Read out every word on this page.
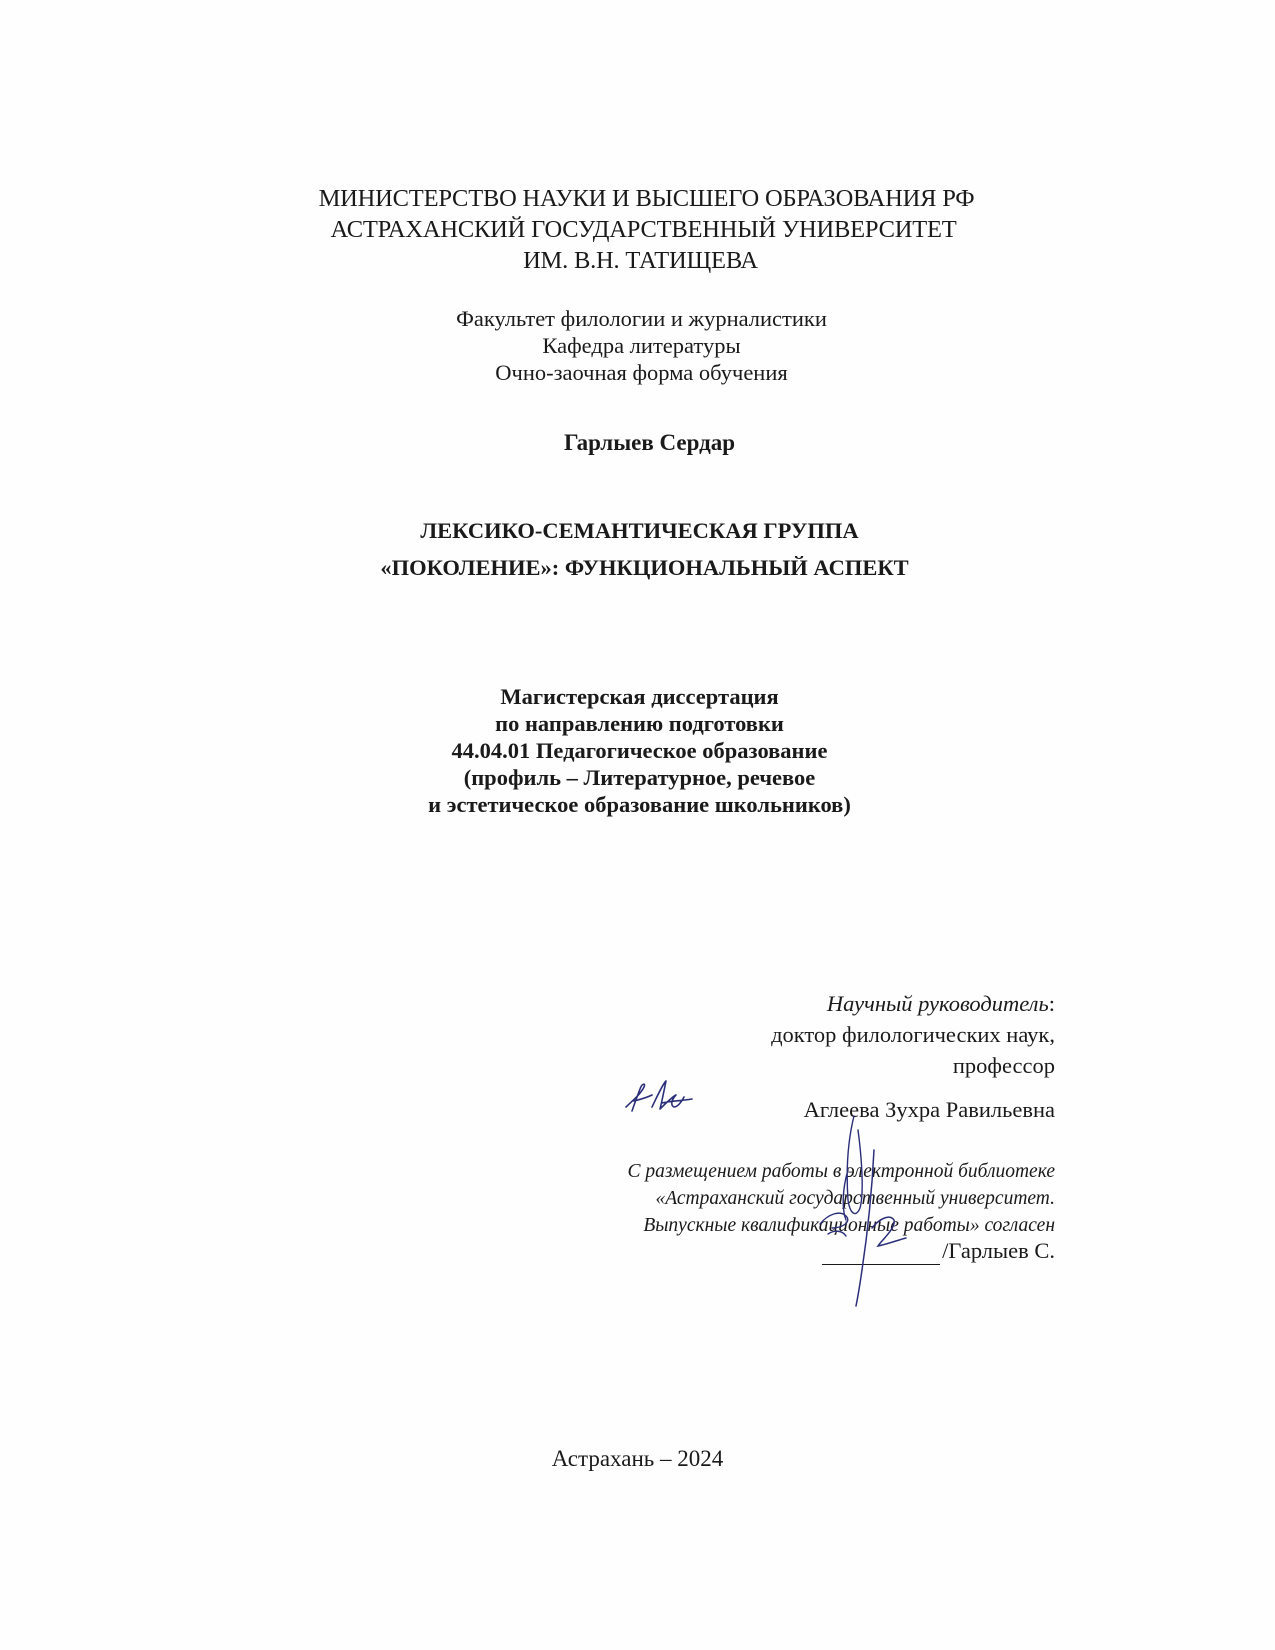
МИНИСТЕРСТВО НАУКИ И ВЫСШЕГО ОБРАЗОВАНИЯ РФ
АСТРАХАНСКИЙ ГОСУДАРСТВЕННЫЙ УНИВЕРСИТЕТ
ИМ. В.Н. ТАТИЩЕВА
Факультет филологии и журналистики
Кафедра литературы
Очно-заочная форма обучения
Гарлыев Сердар
ЛЕКСИКО-СЕМАНТИЧЕСКАЯ ГРУППА
«ПОКОЛЕНИЕ»: ФУНКЦИОНАЛЬНЫЙ АСПЕКТ
Магистерская диссертация
по направлению подготовки
44.04.01 Педагогическое образование
(профиль – Литературное, речевое
и эстетическое образование школьников)
Научный руководитель:
доктор филологических наук,
профессор
Аглеева Зухра Равильевна
С размещением работы в электронной библиотеке
«Астраханский государственный университет.
Выпускные квалификационные работы» согласен
/Гарлыев С.
Астрахань – 2024
